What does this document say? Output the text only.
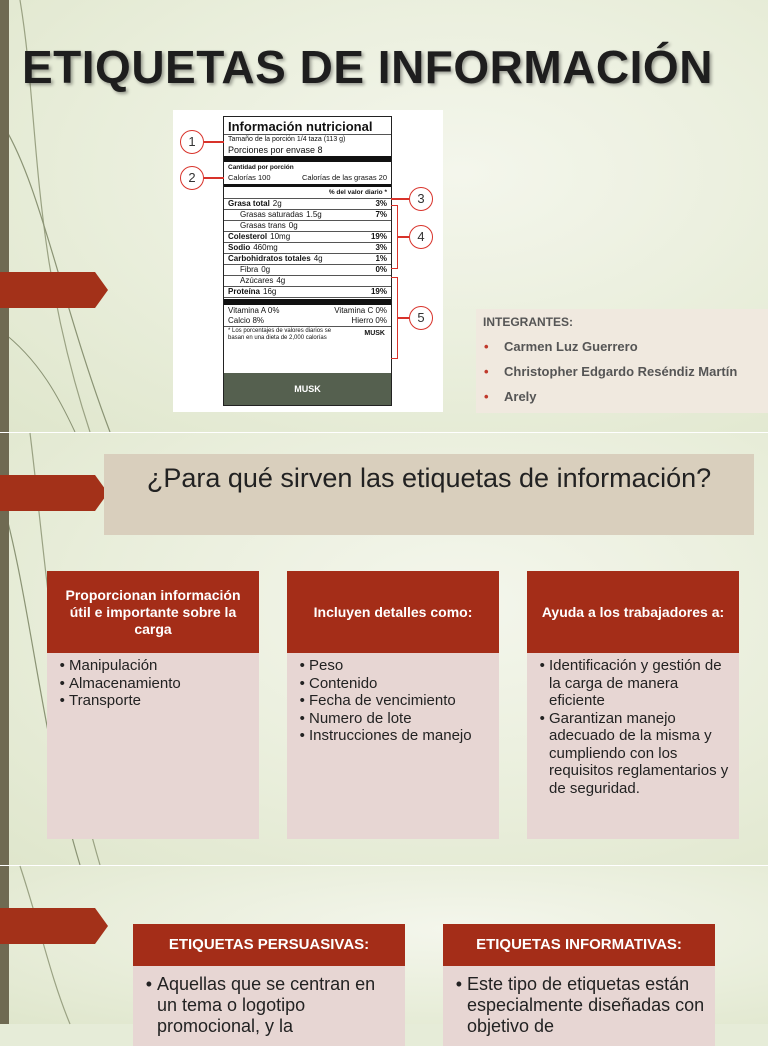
ETIQUETAS DE INFORMACIÓN
Información nutricional
Tamaño de la porción 1/4 taza (113 g)
Porciones por envase 8
Cantidad por porción
Calorías 100	Calorías de las grasas 20
% del valor diario *
Grasa total 2g	3%
Grasas saturadas 1.5g	7%
Grasas trans 0g
Colesterol 10mg	19%
Sodio 460mg	3%
Carbohidratos totales 4g	1%
Fibra 0g	0%
Azúcares 4g
Proteína 16g	19%
Vitamina A 0%	Vitamina C 0%
Calcio 8%	Hierro 0%
* Los porcentajes de valores diarios se basan en una dieta de 2,000 calorías
MUSK
MUSK
1
2
3
4
5	INTEGRANTES:
• Carmen Luz Guerrero
• Christopher Edgardo Reséndiz Martín
• Arely
¿Para qué sirven las etiquetas de información?
Proporcionan información útil e importante sobre la carga
• Manipulación
• Almacenamiento
• Transporte
Incluyen detalles como:
• Peso
• Contenido
• Fecha de vencimiento
• Numero de lote
• Instrucciones de manejo
Ayuda a los trabajadores a:
• Identificación y gestión de la carga de manera eficiente
• Garantizan manejo adecuado de la misma y cumpliendo con los requisitos reglamentarios y de seguridad.
ETIQUETAS PERSUASIVAS:
• Aquellas que se centran en un tema o logotipo promocional, y la
ETIQUETAS INFORMATIVAS:
• Este tipo de etiquetas están especialmente diseñadas con objetivo de
